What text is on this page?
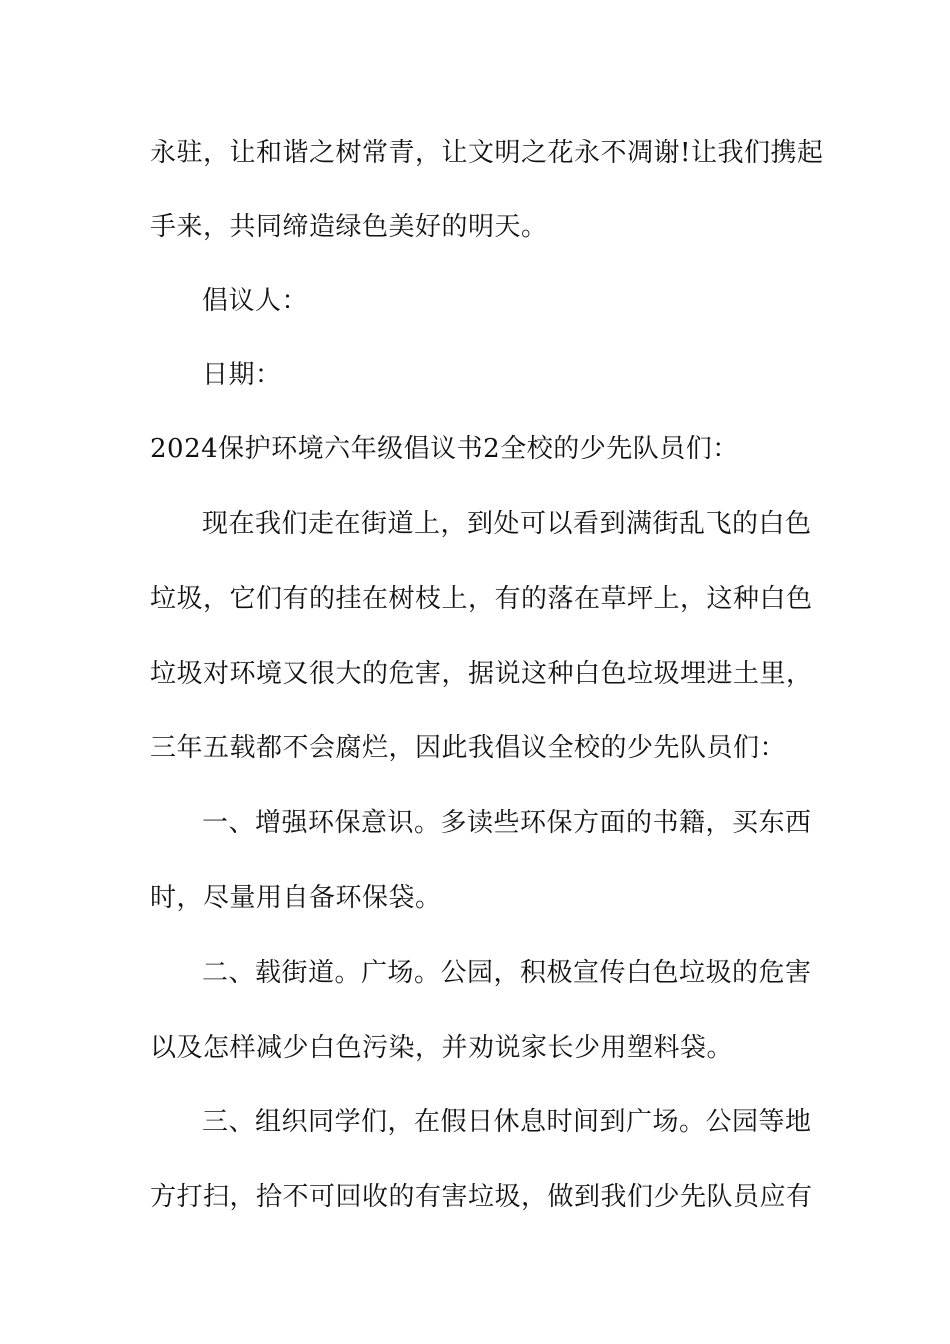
永驻，让和谐之树常青，让文明之花永不凋谢!让我们携起
手来，共同缔造绿色美好的明天。
倡议人：
日期：
2024保护环境六年级倡议书2全校的少先队员们：
现在我们走在街道上，到处可以看到满街乱飞的白色
垃圾，它们有的挂在树枝上，有的落在草坪上，这种白色
垃圾对环境又很大的危害，据说这种白色垃圾埋进土里，
三年五载都不会腐烂，因此我倡议全校的少先队员们：
一、增强环保意识。多读些环保方面的书籍，买东西
时，尽量用自备环保袋。
二、载街道。广场。公园，积极宣传白色垃圾的危害
以及怎样减少白色污染，并劝说家长少用塑料袋。
三、组织同学们，在假日休息时间到广场。公园等地
方打扫，拾不可回收的有害垃圾，做到我们少先队员应有
